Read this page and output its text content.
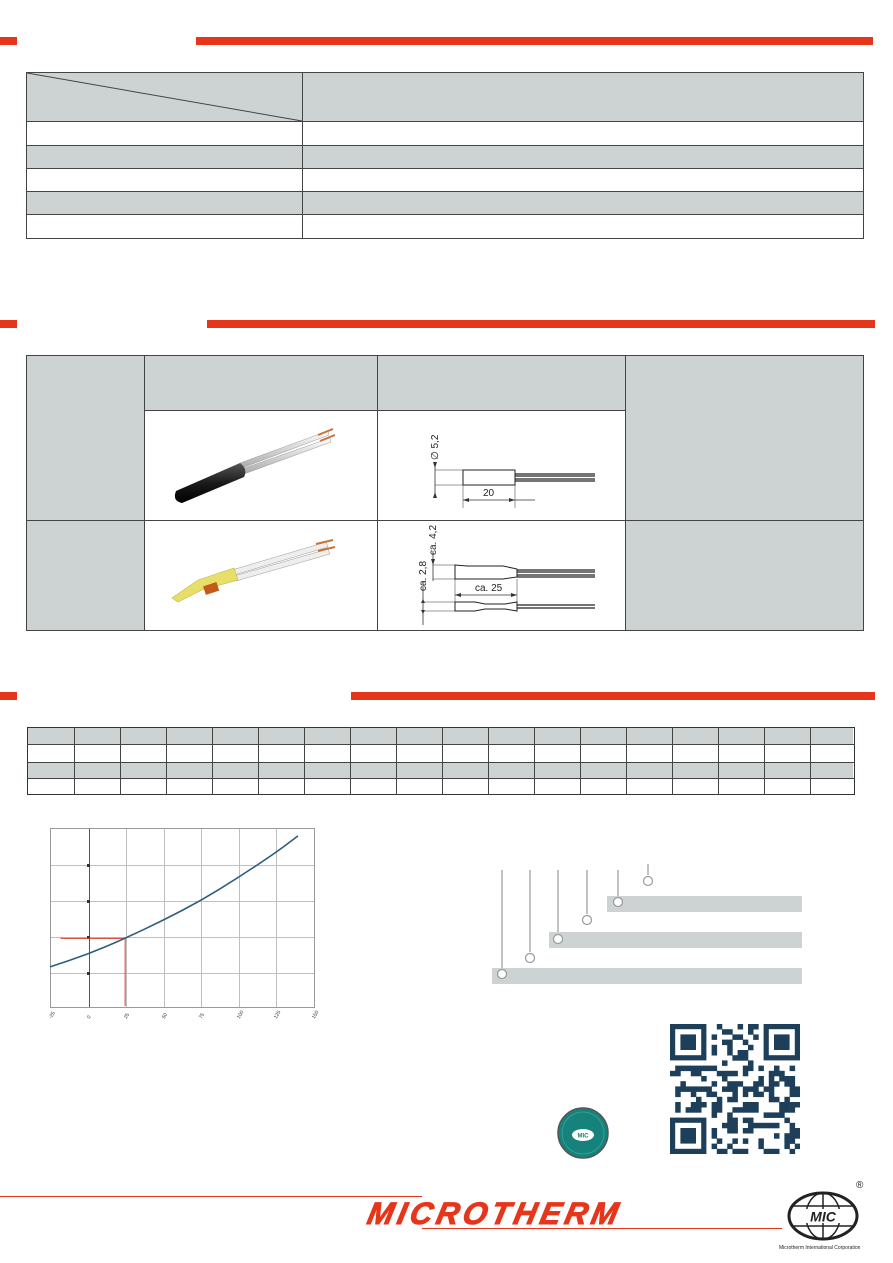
∅ 5,2
20
ca. 4,2
ca. 2,8	ca. 25
-25	0	25	50	75	100	125	150
MIC
MICROTHERM	MIC
®
Microtherm International Corporation
